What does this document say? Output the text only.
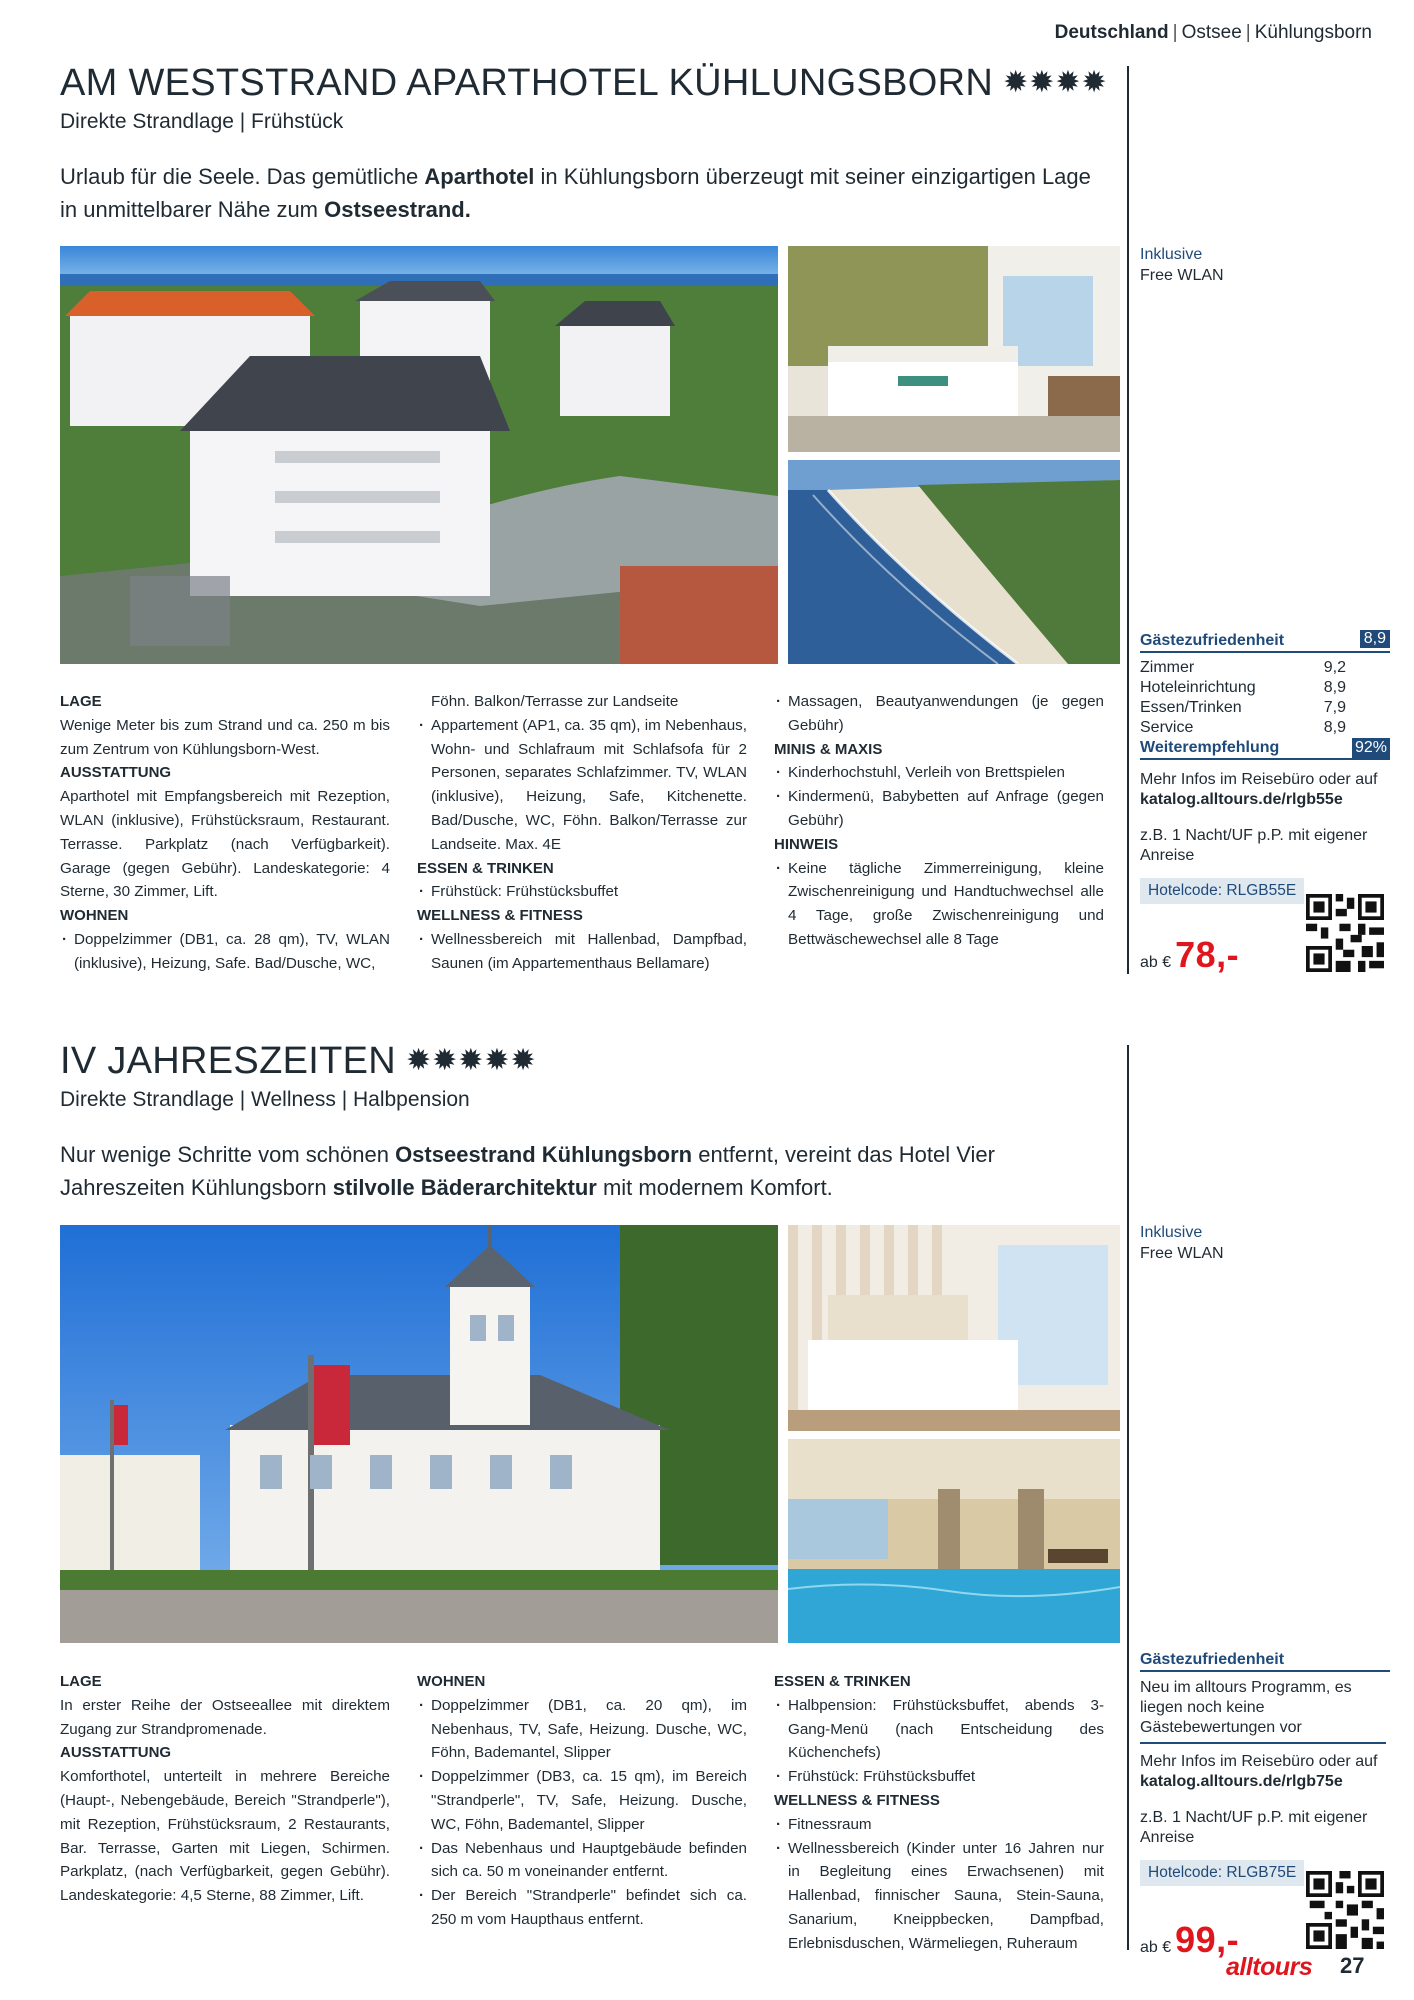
Deutschland | Ostsee | Kühlungsborn
AM WESTSTRAND APARTHOTEL KÜHLUNGSBORN ✹✹✹✹
Direkte Strandlage | Frühstück

Urlaub für die Seele. Das gemütliche Aparthotel in Kühlungsborn überzeugt mit seiner einzigartigen Lage in unmittelbarer Nähe zum Ostseestrand.

LAGE
Wenige Meter bis zum Strand und ca. 250 m bis zum Zentrum von Kühlungsborn-West.
AUSSTATTUNG
Aparthotel mit Empfangsbereich mit Rezeption, WLAN (inklusive), Frühstücksraum, Restaurant. Terrasse. Parkplatz (nach Verfügbarkeit). Garage (gegen Gebühr). Landeskategorie: 4 Sterne, 30 Zimmer, Lift.
WOHNEN
· Doppelzimmer (DB1, ca. 28 qm), TV, WLAN (inklusive), Heizung, Safe. Bad/Dusche, WC,
Föhn. Balkon/Terrasse zur Landseite
· Appartement (AP1, ca. 35 qm), im Nebenhaus, Wohn- und Schlafraum mit Schlafsofa für 2 Personen, separates Schlafzimmer. TV, WLAN (inklusive), Heizung, Safe, Kitchenette. Bad/Dusche, WC, Föhn. Balkon/Terrasse zur Landseite. Max. 4E
ESSEN & TRINKEN
· Frühstück: Frühstücksbuffet
WELLNESS & FITNESS
· Wellnessbereich mit Hallenbad, Dampfbad, Saunen (im Appartementhaus Bellamare)
· Massagen, Beautyanwendungen (je gegen Gebühr)
MINIS & MAXIS
· Kinderhochstuhl, Verleih von Brettspielen
· Kindermenü, Babybetten auf Anfrage (gegen Gebühr)
HINWEIS
· Keine tägliche Zimmerreinigung, kleine Zwischenreinigung und Handtuchwechsel alle 4 Tage, große Zwischenreinigung und Bettwäschewechsel alle 8 Tage
Inklusive
Free WLAN
Gästezufriedenheit	8,9
Zimmer	9,2
Hoteleinrichtung	8,9
Essen/Trinken	7,9
Service	8,9
Weiterempfehlung	92%
Mehr Infos im Reisebüro oder auf
katalog.alltours.de/rlgb55e
z.B. 1 Nacht/UF p.P. mit eigener Anreise
Hotelcode: RLGB55E
ab € 78,-
IV JAHRESZEITEN ✹✹✹✹✹
Direkte Strandlage | Wellness | Halbpension

Nur wenige Schritte vom schönen Ostseestrand Kühlungsborn entfernt, vereint das Hotel Vier Jahreszeiten Kühlungsborn stilvolle Bäderarchitektur mit modernem Komfort.

LAGE
In erster Reihe der Ostseeallee mit direktem Zugang zur Strandpromenade.
AUSSTATTUNG
Komforthotel, unterteilt in mehrere Bereiche (Haupt-, Nebengebäude, Bereich "Strandperle"), mit Rezeption, Frühstücksraum, 2 Restaurants, Bar. Terrasse, Garten mit Liegen, Schirmen. Parkplatz, (nach Verfügbarkeit, gegen Gebühr). Landeskategorie: 4,5 Sterne, 88 Zimmer, Lift.
WOHNEN
· Doppelzimmer (DB1, ca. 20 qm), im Nebenhaus, TV, Safe, Heizung. Dusche, WC, Föhn, Bademantel, Slipper
· Doppelzimmer (DB3, ca. 15 qm), im Bereich "Strandperle", TV, Safe, Heizung. Dusche, WC, Föhn, Bademantel, Slipper
· Das Nebenhaus und Hauptgebäude befinden sich ca. 50 m voneinander entfernt.
· Der Bereich "Strandperle" befindet sich ca. 250 m vom Haupthaus entfernt.
ESSEN & TRINKEN
· Halbpension: Frühstücksbuffet, abends 3-Gang-Menü (nach Entscheidung des Küchenchefs)
· Frühstück: Frühstücksbuffet
WELLNESS & FITNESS
· Fitnessraum
· Wellnessbereich (Kinder unter 16 Jahren nur in Begleitung eines Erwachsenen) mit Hallenbad, finnischer Sauna, Stein-Sauna, Sanarium, Kneippbecken, Dampfbad, Erlebnisduschen, Wärmeliegen, Ruheraum
Inklusive
Free WLAN
Gästezufriedenheit
Neu im alltours Programm, es liegen noch keine Gästebewertungen vor
Mehr Infos im Reisebüro oder auf
katalog.alltours.de/rlgb75e
z.B. 1 Nacht/UF p.P. mit eigener Anreise
Hotelcode: RLGB75E
ab € 99,-
alltours 27
